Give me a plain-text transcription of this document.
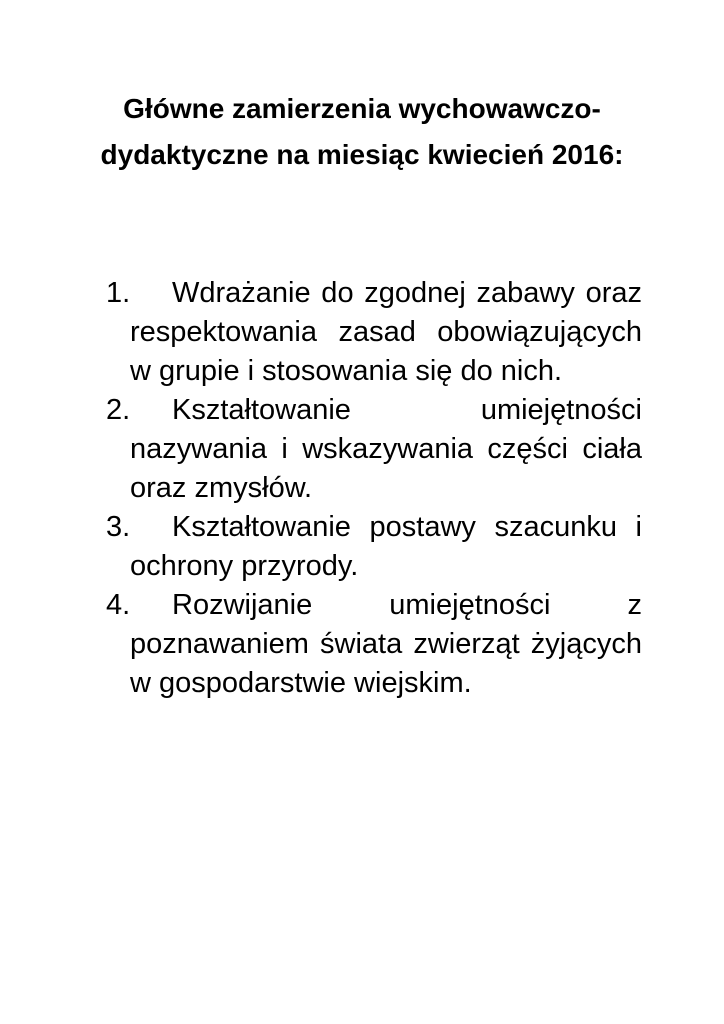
Główne zamierzenia wychowawczo-dydaktyczne na miesiąc kwiecień 2016:
1.	Wdrażanie do zgodnej zabawy oraz respektowania zasad obowiązujących w grupie i stosowania się do nich.
2.	Kształtowanie umiejętności nazywania i wskazywania części ciała oraz zmysłów.
3.	Kształtowanie postawy szacunku i ochrony przyrody.
4.	Rozwijanie umiejętności z poznawaniem świata zwierząt żyjących w gospodarstwie wiejskim.
